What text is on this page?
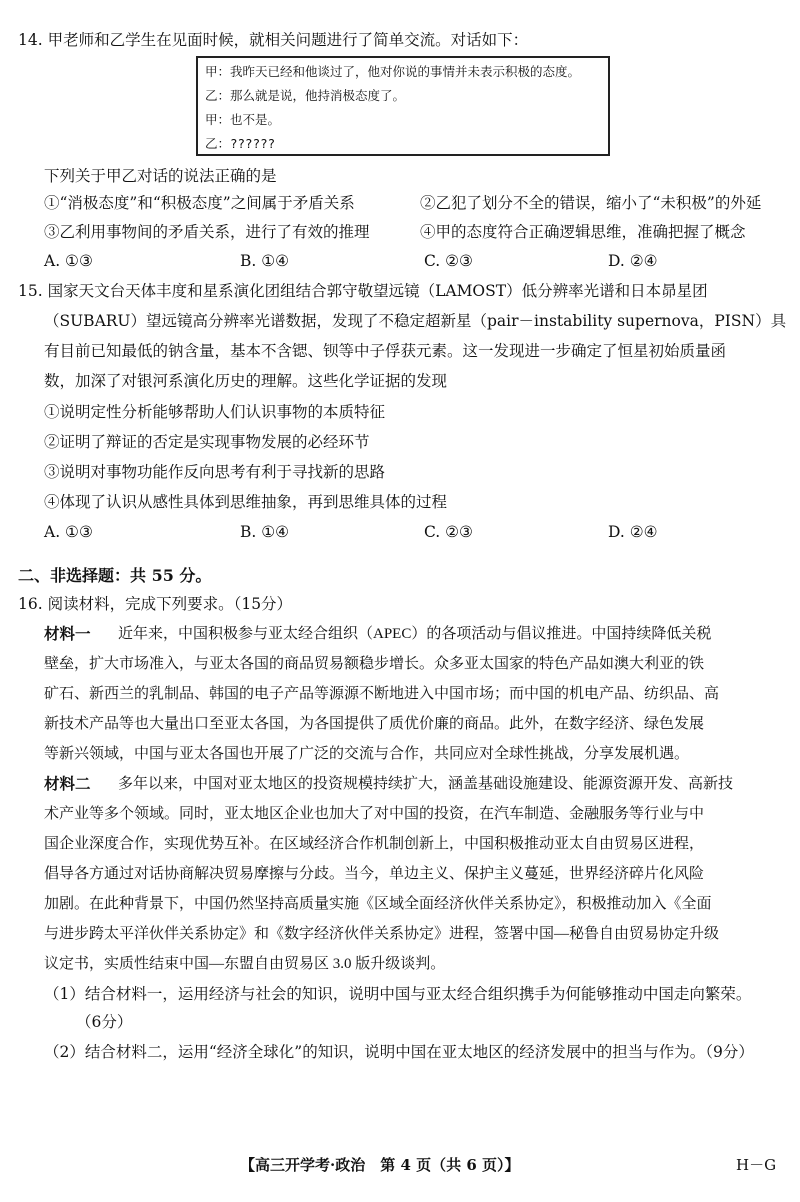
14. 甲老师和乙学生在见面时候，就相关问题进行了简单交流。对话如下：
甲：我昨天已经和他谈过了，他对你说的事情并未表示积极的态度。
乙：那么就是说，他持消极态度了。
甲：也不是。
乙：??????
下列关于甲乙对话的说法正确的是
①“消极态度”和“积极态度”之间属于矛盾关系	②乙犯了划分不全的错误，缩小了“未积极”的外延
③乙利用事物间的矛盾关系，进行了有效的推理	④甲的态度符合正确逻辑思维，准确把握了概念
A. ①③	B. ①④	C. ②③	D. ②④
15. 国家天文台天体丰度和星系演化团组结合郭守敬望远镜（LAMOST）低分辨率光谱和日本昴星团
（SUBARU）望远镜高分辨率光谱数据，发现了不稳定超新星（pair－instability supernova，PISN）具
有目前已知最低的钠含量，基本不含锶、钡等中子俘获元素。这一发现进一步确定了恒星初始质量函
数，加深了对银河系演化历史的理解。这些化学证据的发现
①说明定性分析能够帮助人们认识事物的本质特征
②证明了辩证的否定是实现事物发展的必经环节
③说明对事物功能作反向思考有利于寻找新的思路
④体现了认识从感性具体到思维抽象，再到思维具体的过程
A. ①③	B. ①④	C. ②③	D. ②④
二、非选择题：共 55 分。
16. 阅读材料，完成下列要求。（15分）
材料一 近年来，中国积极参与亚太经合组织（APEC）的各项活动与倡议推进。中国持续降低关税
壁垒，扩大市场准入，与亚太各国的商品贸易额稳步增长。众多亚太国家的特色产品如澳大利亚的铁
矿石、新西兰的乳制品、韩国的电子产品等源源不断地进入中国市场；而中国的机电产品、纺织品、高
新技术产品等也大量出口至亚太各国，为各国提供了质优价廉的商品。此外，在数字经济、绿色发展
等新兴领域，中国与亚太各国也开展了广泛的交流与合作，共同应对全球性挑战，分享发展机遇。
材料二 多年以来，中国对亚太地区的投资规模持续扩大，涵盖基础设施建设、能源资源开发、高新技
术产业等多个领域。同时，亚太地区企业也加大了对中国的投资，在汽车制造、金融服务等行业与中
国企业深度合作，实现优势互补。在区域经济合作机制创新上，中国积极推动亚太自由贸易区进程，
倡导各方通过对话协商解决贸易摩擦与分歧。当今，单边主义、保护主义蔓延，世界经济碎片化风险
加剧。在此种背景下，中国仍然坚持高质量实施《区域全面经济伙伴关系协定》，积极推动加入《全面
与进步跨太平洋伙伴关系协定》和《数字经济伙伴关系协定》进程，签署中国—秘鲁自由贸易协定升级
议定书，实质性结束中国—东盟自由贸易区 3.0 版升级谈判。
（1）结合材料一，运用经济与社会的知识，说明中国与亚太经合组织携手为何能够推动中国走向繁荣。
（6分）
（2）结合材料二，运用“经济全球化”的知识，说明中国在亚太地区的经济发展中的担当与作为。（9分）
【高三开学考·政治　第 4 页（共 6 页）】	H－G
